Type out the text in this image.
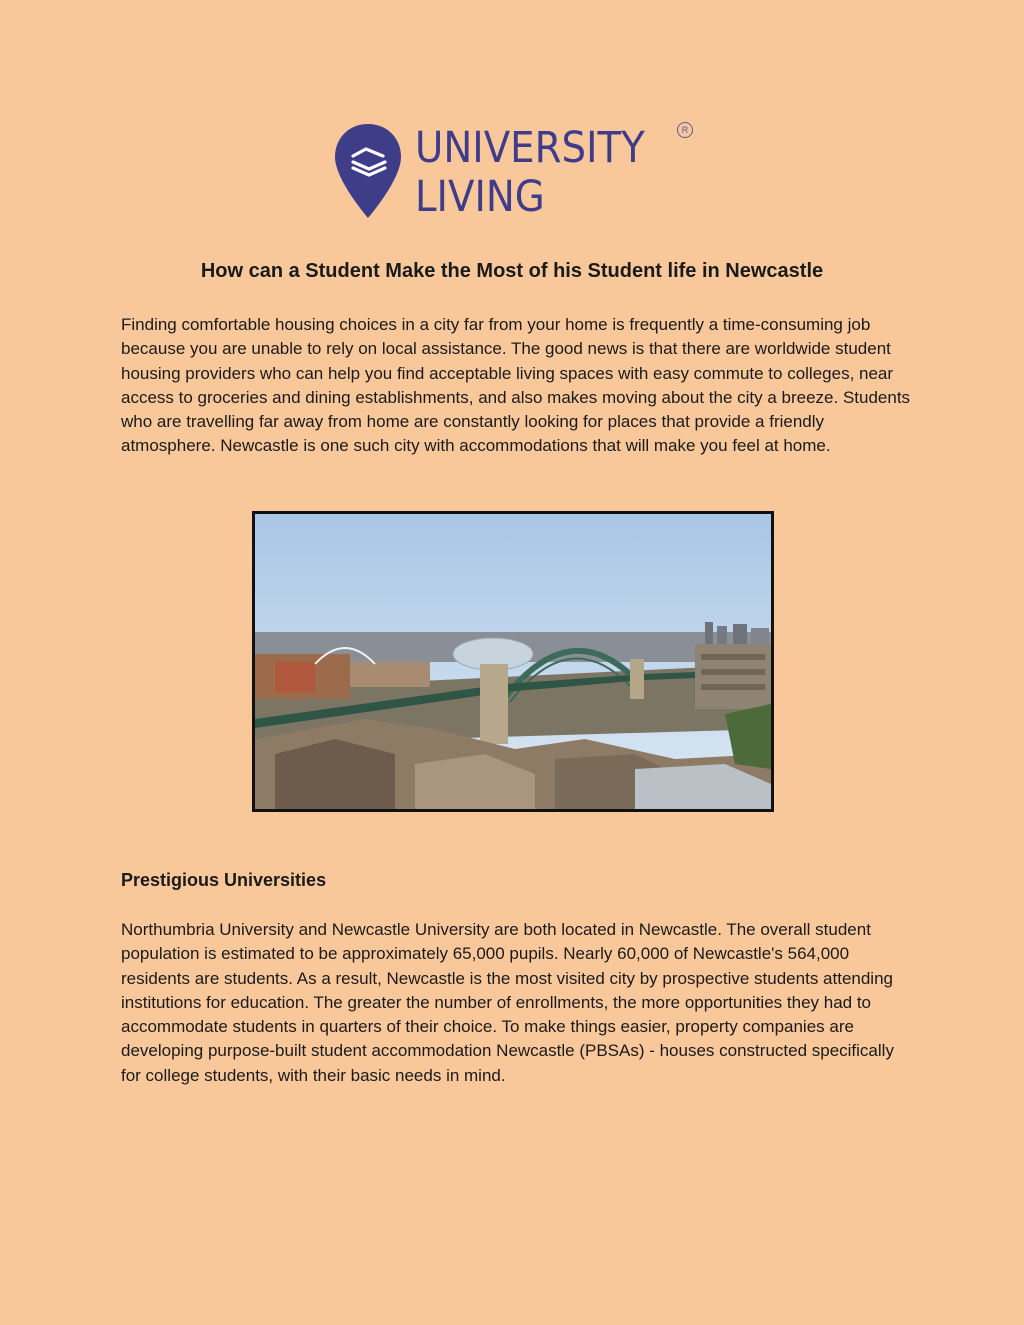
UNIVERSITY
LIVING
R
How can a Student Make the Most of his Student life in Newcastle

Finding comfortable housing choices in a city far from your home is frequently a time-consuming job because you are unable to rely on local assistance. The good news is that there are worldwide student housing providers who can help you find acceptable living spaces with easy commute to colleges, near access to groceries and dining establishments, and also makes moving about the city a breeze. Students who are travelling far away from home are constantly looking for places that provide a friendly atmosphere. Newcastle is one such city with accommodations that will make you feel at home.

Prestigious Universities

Northumbria University and Newcastle University are both located in Newcastle. The overall student population is estimated to be approximately 65,000 pupils. Nearly 60,000 of Newcastle's 564,000 residents are students. As a result, Newcastle is the most visited city by prospective students attending institutions for education. The greater the number of enrollments, the more opportunities they had to accommodate students in quarters of their choice. To make things easier, property companies are developing purpose-built student accommodation Newcastle (PBSAs) - houses constructed specifically for college students, with their basic needs in mind.
